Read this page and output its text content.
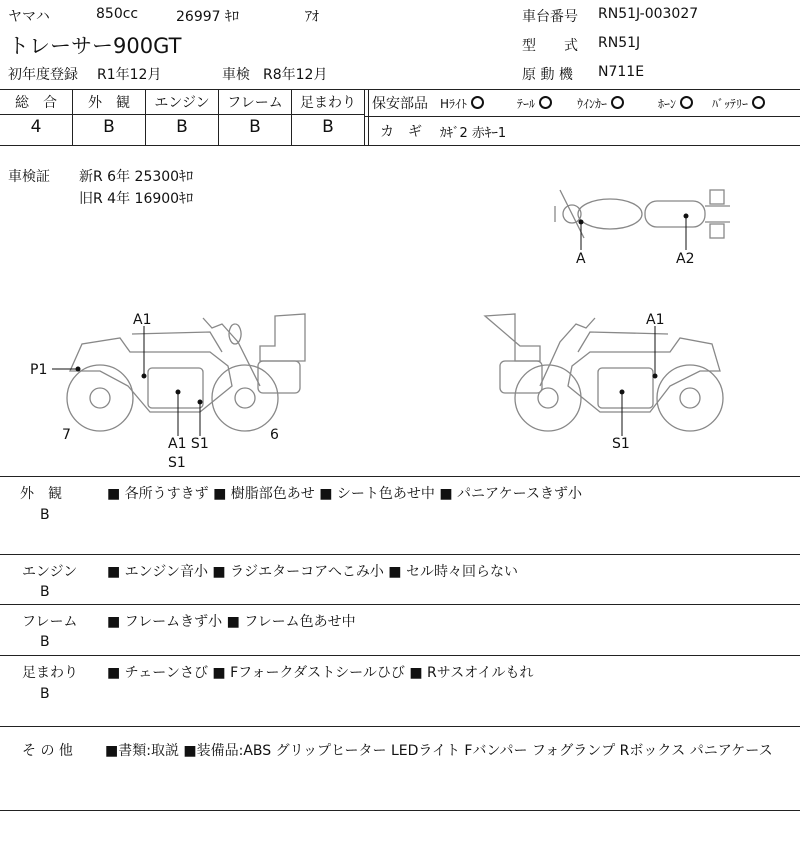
ヤマハ	850cc	26997 ｷﾛ	ｱｵ
トレーサー900GT
初年度登録 R1年12月	車検 R8年12月
車台番号 RN51J-003027
型　　式 RN51J
原 動 機 N711E
総　合	外　観	エンジン	フレーム	足まわり
4	B	B	B	B
保安部品 Hﾗｲﾄ	ﾃｰﾙ	ｳｲﾝｶｰ	ﾎｰﾝ	ﾊﾞｯﾃﾘｰ
カ　ギ ｶｷﾞ2 赤ｷｰ1
車検証 新R 6年 25300ｷﾛ
旧R 4年 16900ｷﾛ
A	A2
A1
P1
7
A1 S1
S1
6
A1
S1
外　観
B
■ 各所うすきず ■ 樹脂部色あせ ■ シート色あせ中 ■ パニアケースきず小
エンジン
B
■ エンジン音小 ■ ラジエターコアへこみ小 ■ セル時々回らない
フレーム
B
■ フレームきず小 ■ フレーム色あせ中
足まわり
B
■ チェーンさび ■ Fフォークダストシールひび ■ Rサスオイルもれ
そ の 他 ■書類:取説 ■装備品:ABS グリップヒーター LEDライト Fバンパー フォグランプ Rボックス パニアケース
